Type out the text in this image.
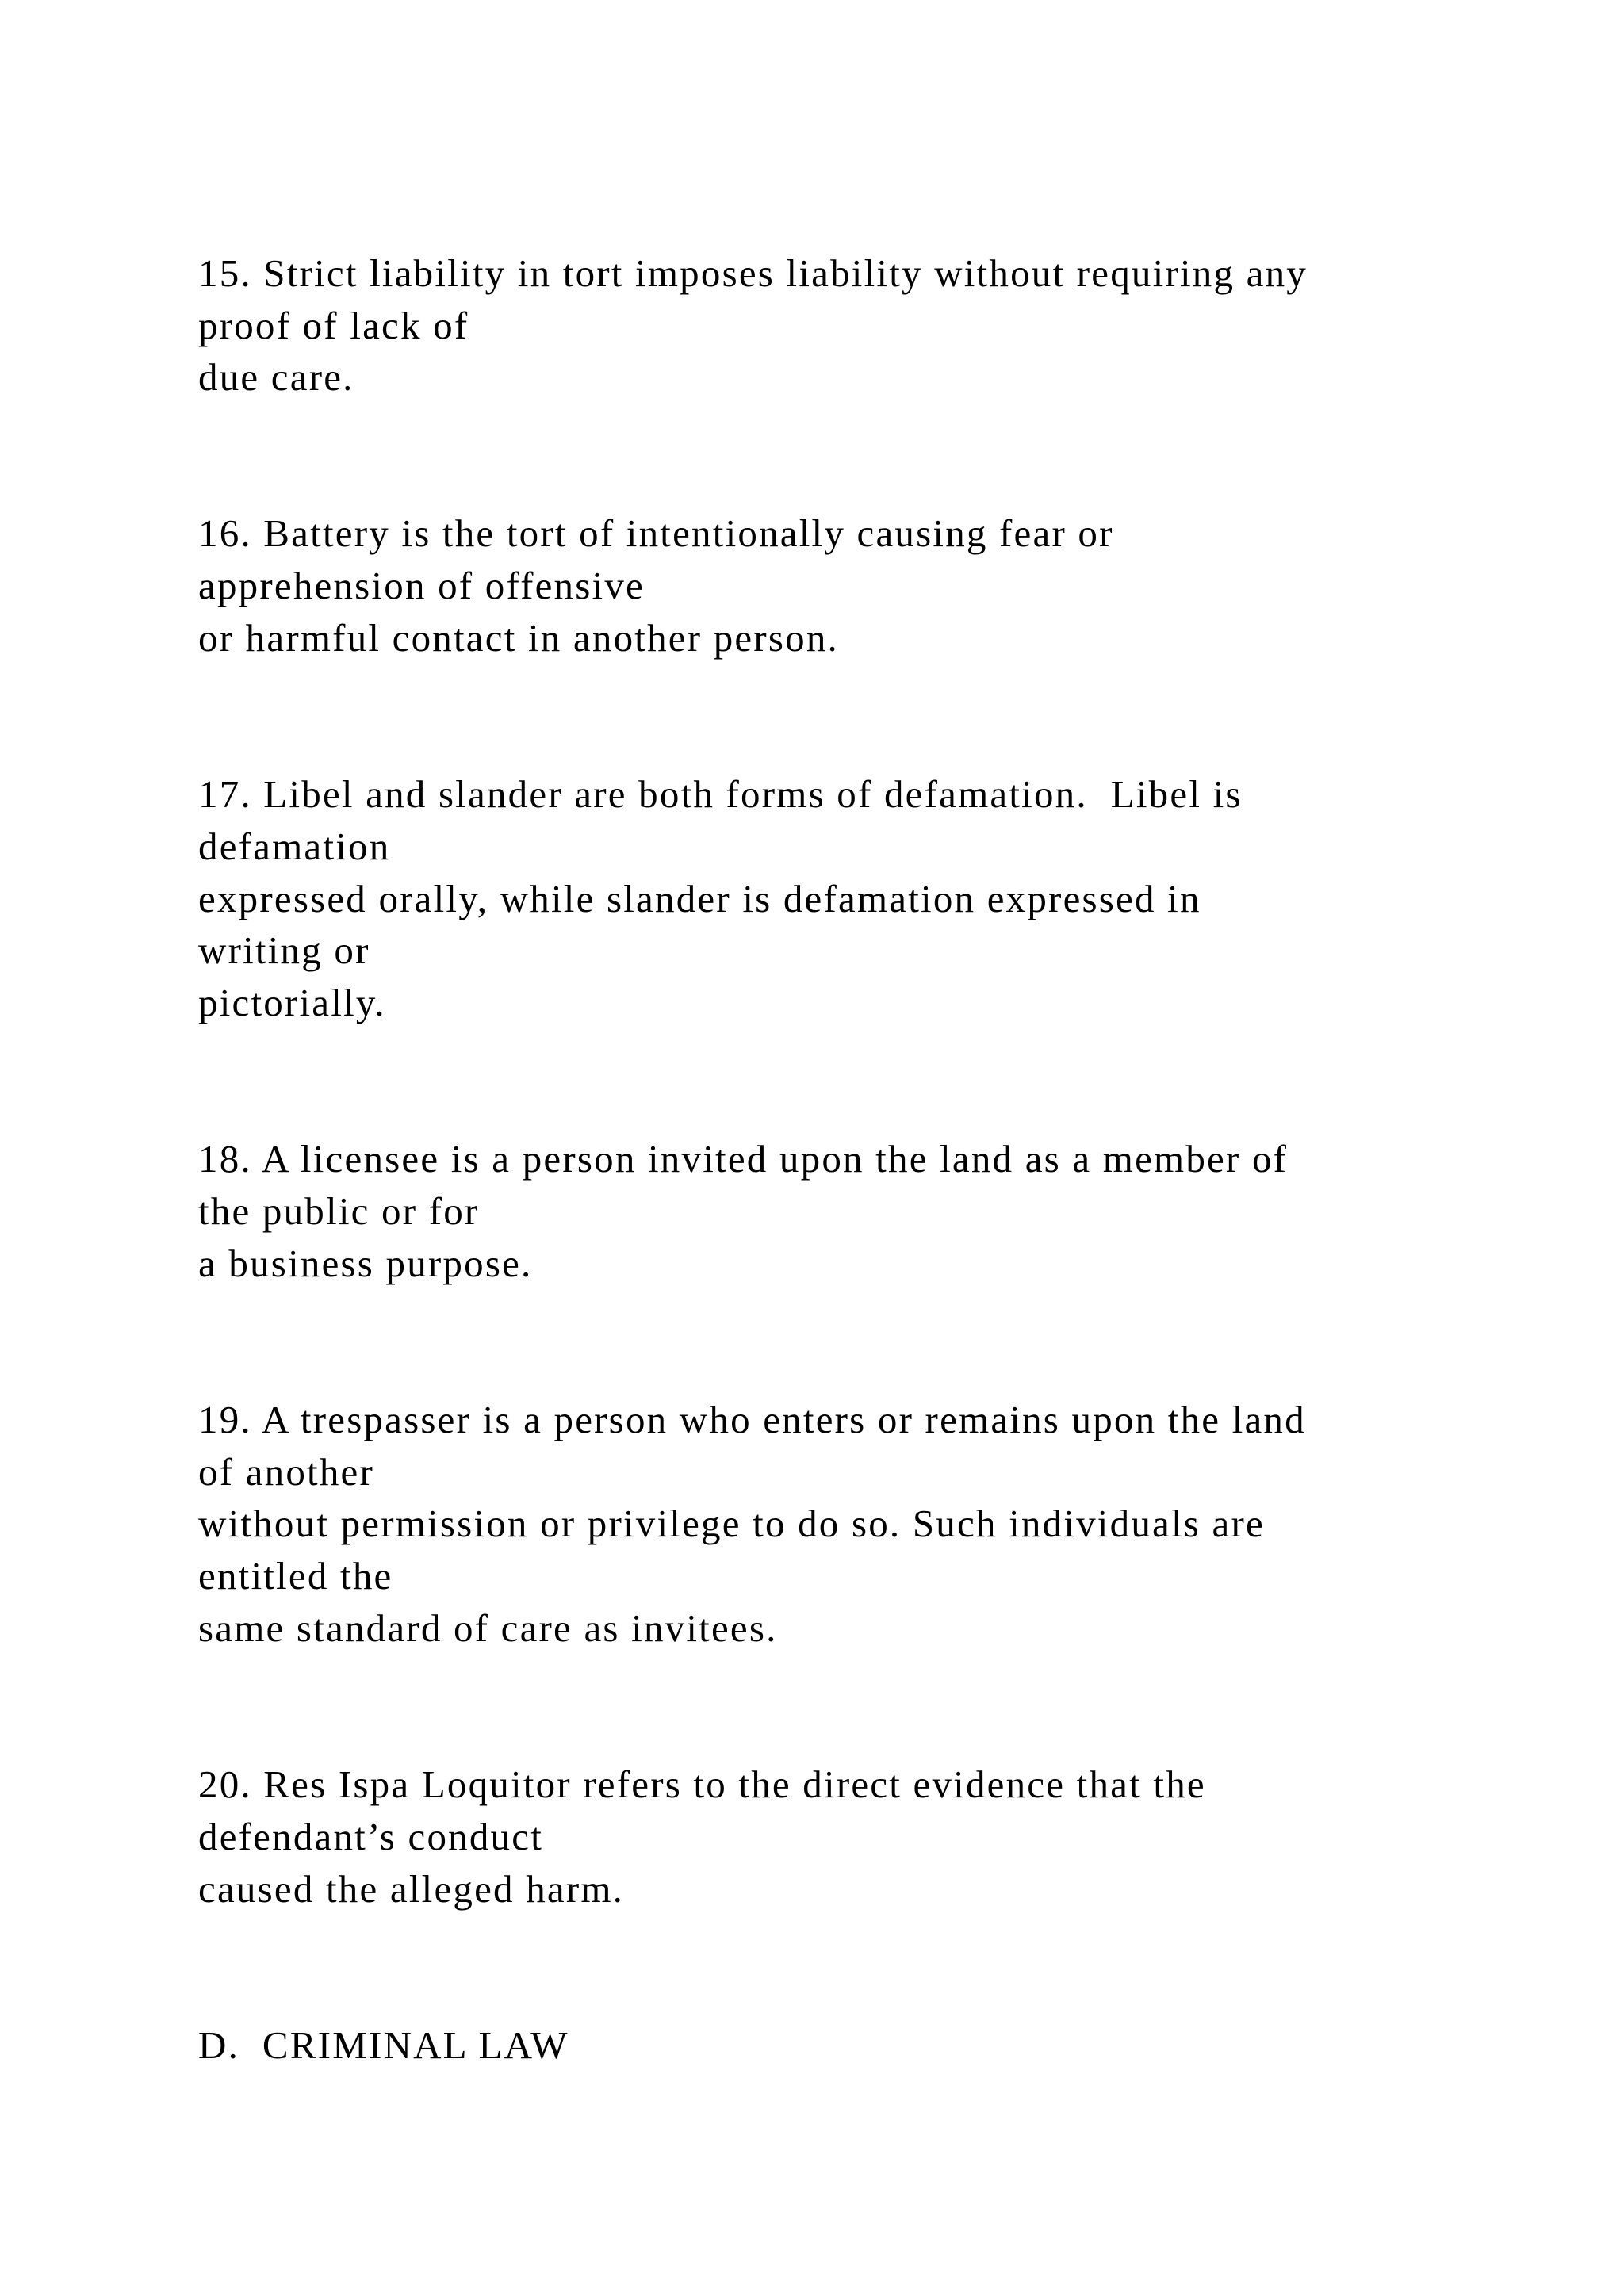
15. Strict liability in tort imposes liability without requiring any

proof of lack of

due care.

16. Battery is the tort of intentionally causing fear or

apprehension of offensive

or harmful contact in another person.

17. Libel and slander are both forms of defamation.  Libel is

defamation

expressed orally, while slander is defamation expressed in

writing or

pictorially.

18. A licensee is a person invited upon the land as a member of

the public or for

a business purpose.

19. A trespasser is a person who enters or remains upon the land

of another

without permission or privilege to do so. Such individuals are

entitled the

same standard of care as invitees.

20. Res Ispa Loquitor refers to the direct evidence that the

defendant’s conduct

caused the alleged harm.

D.  CRIMINAL LAW
